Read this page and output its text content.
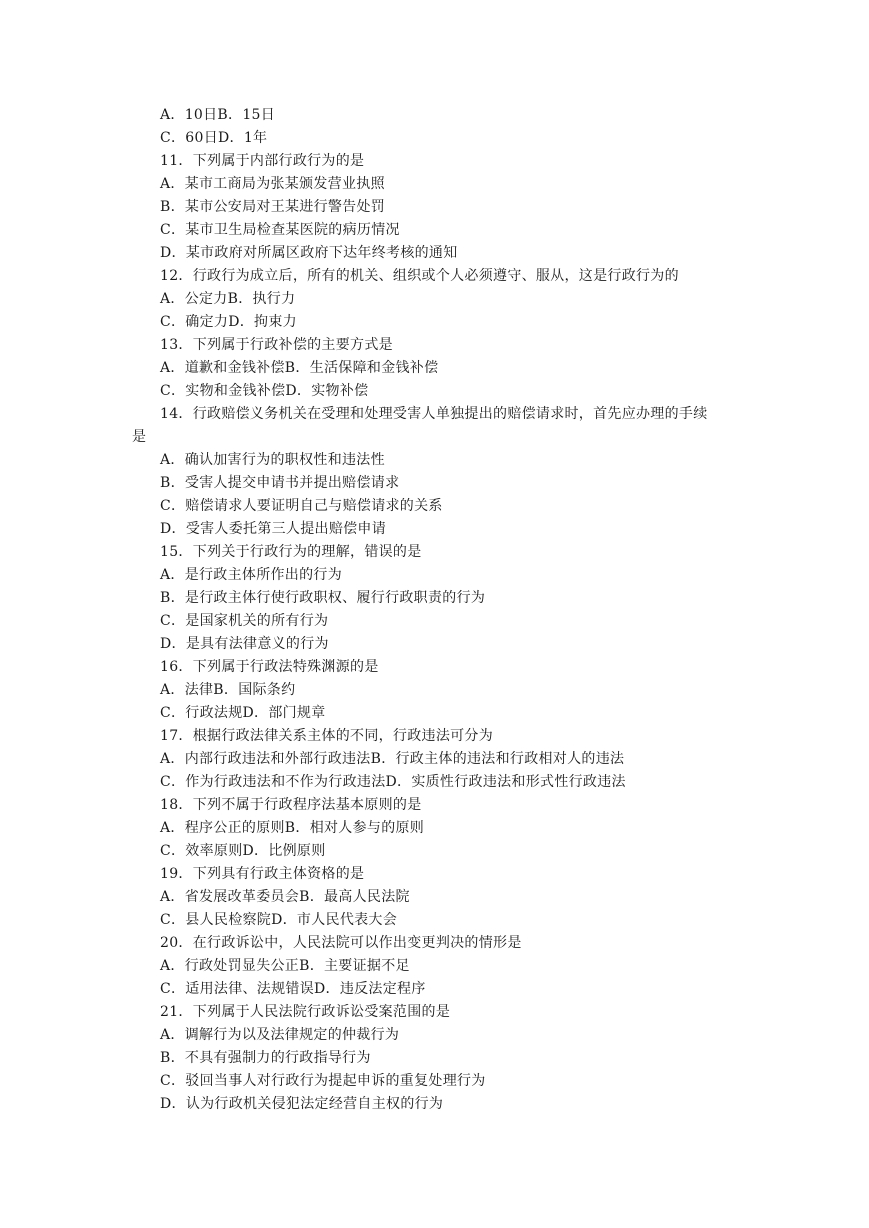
A．10日B．15日
C．60日D．1年
11．下列属于内部行政行为的是
A．某市工商局为张某颁发营业执照
B．某市公安局对王某进行警告处罚
C．某市卫生局检查某医院的病历情况
D．某市政府对所属区政府下达年终考核的通知
12．行政行为成立后，所有的机关、组织或个人必须遵守、服从，这是行政行为的
A．公定力B．执行力
C．确定力D．拘束力
13．下列属于行政补偿的主要方式是
A．道歉和金钱补偿B．生活保障和金钱补偿
C．实物和金钱补偿D．实物补偿
14．行政赔偿义务机关在受理和处理受害人单独提出的赔偿请求时，首先应办理的手续
是
A．确认加害行为的职权性和违法性
B．受害人提交申请书并提出赔偿请求
C．赔偿请求人要证明自己与赔偿请求的关系
D．受害人委托第三人提出赔偿申请
15．下列关于行政行为的理解，错误的是
A．是行政主体所作出的行为
B．是行政主体行使行政职权、履行行政职责的行为
C．是国家机关的所有行为
D．是具有法律意义的行为
16．下列属于行政法特殊渊源的是
A．法律B．国际条约
C．行政法规D．部门规章
17．根据行政法律关系主体的不同，行政违法可分为
A．内部行政违法和外部行政违法B．行政主体的违法和行政相对人的违法
C．作为行政违法和不作为行政违法D．实质性行政违法和形式性行政违法
18．下列不属于行政程序法基本原则的是
A．程序公正的原则B．相对人参与的原则
C．效率原则D．比例原则
19．下列具有行政主体资格的是
A．省发展改革委员会B．最高人民法院
C．县人民检察院D．市人民代表大会
20．在行政诉讼中，人民法院可以作出变更判决的情形是
A．行政处罚显失公正B．主要证据不足
C．适用法律、法规错误D．违反法定程序
21．下列属于人民法院行政诉讼受案范围的是
A．调解行为以及法律规定的仲裁行为
B．不具有强制力的行政指导行为
C．驳回当事人对行政行为提起申诉的重复处理行为
D．认为行政机关侵犯法定经营自主权的行为
